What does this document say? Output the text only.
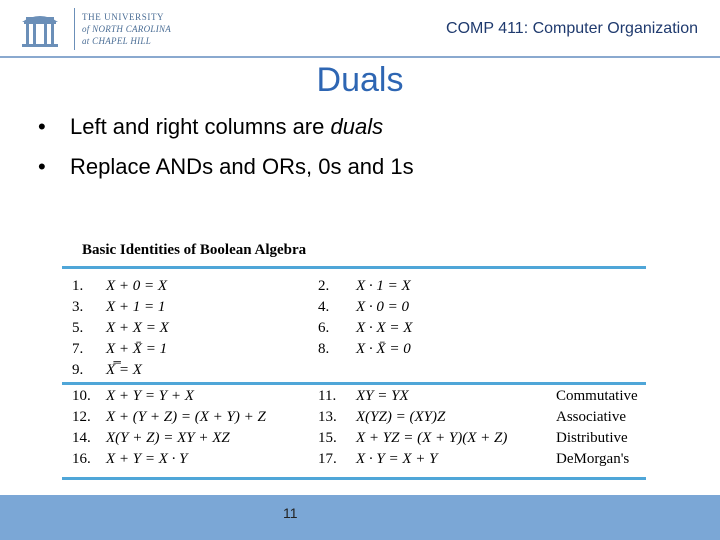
THE UNIVERSITY
of NORTH CAROLINA
at CHAPEL HILL
COMP 411: Computer Organization
Duals
• Left and right columns are duals
• Replace ANDs and ORs, 0s and 1s
Basic Identities of Boolean Algebra
1.	X + 0 = X	2.	X · 1 = X
3.	X + 1 = 1	4.	X · 0 = 0
5.	X + X = X	6.	X · X = X
7.	X + X̄ = 1	8.	X · X̄ = 0
9.	X̿ = X
10.	X + Y = Y + X	11.	XY = YX	Commutative
12.	X + (Y + Z) = (X + Y) + Z	13.	X(YZ) = (XY)Z	Associative
14.	X(Y + Z) = XY + XZ	15.	X + YZ = (X + Y)(X + Z)	Distributive
16.	X + Y = X · Y	17.	X · Y = X + Y	DeMorgan's
11
